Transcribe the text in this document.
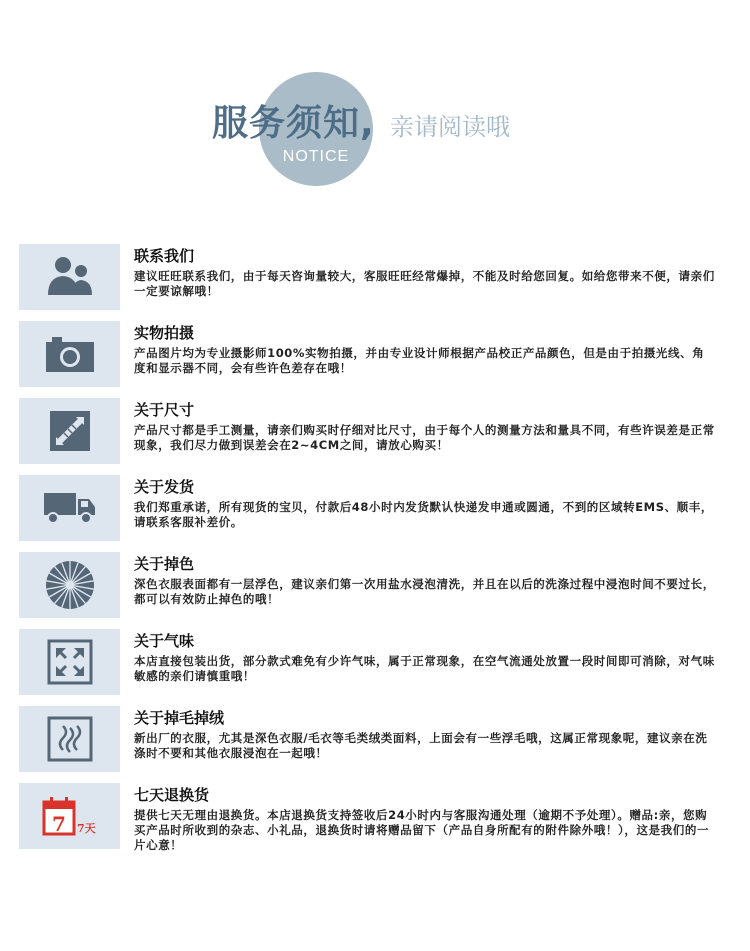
服务须知, 亲请阅读哦
NOTICE
联系我们
建议旺旺联系我们，由于每天咨询量较大，客服旺旺经常爆掉，不能及时给您回复。如给您带来不便，请亲们一定要谅解哦！
实物拍摄
产品图片均为专业摄影师100%实物拍摄，并由专业设计师根据产品校正产品颜色，但是由于拍摄光线、角度和显示器不同，会有些许色差存在哦！
关于尺寸
产品尺寸都是手工测量，请亲们购买时仔细对比尺寸，由于每个人的测量方法和量具不同，有些许误差是正常现象，我们尽力做到误差会在2~4CM之间，请放心购买！
关于发货
我们郑重承诺，所有现货的宝贝，付款后48小时内发货默认快递发申通或圆通，不到的区域转EMS、顺丰，请联系客服补差价。
关于掉色
深色衣服表面都有一层浮色，建议亲们第一次用盐水浸泡清洗，并且在以后的洗涤过程中浸泡时间不要过长，都可以有效防止掉色的哦！
关于气味
本店直接包装出货，部分款式难免有少许气味，属于正常现象，在空气流通处放置一段时间即可消除，对气味敏感的亲们请慎重哦！
关于掉毛掉绒
新出厂的衣服，尤其是深色衣服/毛衣等毛类绒类面料，上面会有一些浮毛哦，这属正常现象呢，建议亲在洗涤时不要和其他衣服浸泡在一起哦！
7 7天
七天退换货
提供七天无理由退换货。本店退换货支持签收后24小时内与客服沟通处理（逾期不予处理）。赠品:亲，您购买产品时所收到的杂志、小礼品，退换货时请将赠品留下（产品自身所配有的附件除外哦！），这是我们的一片心意！
